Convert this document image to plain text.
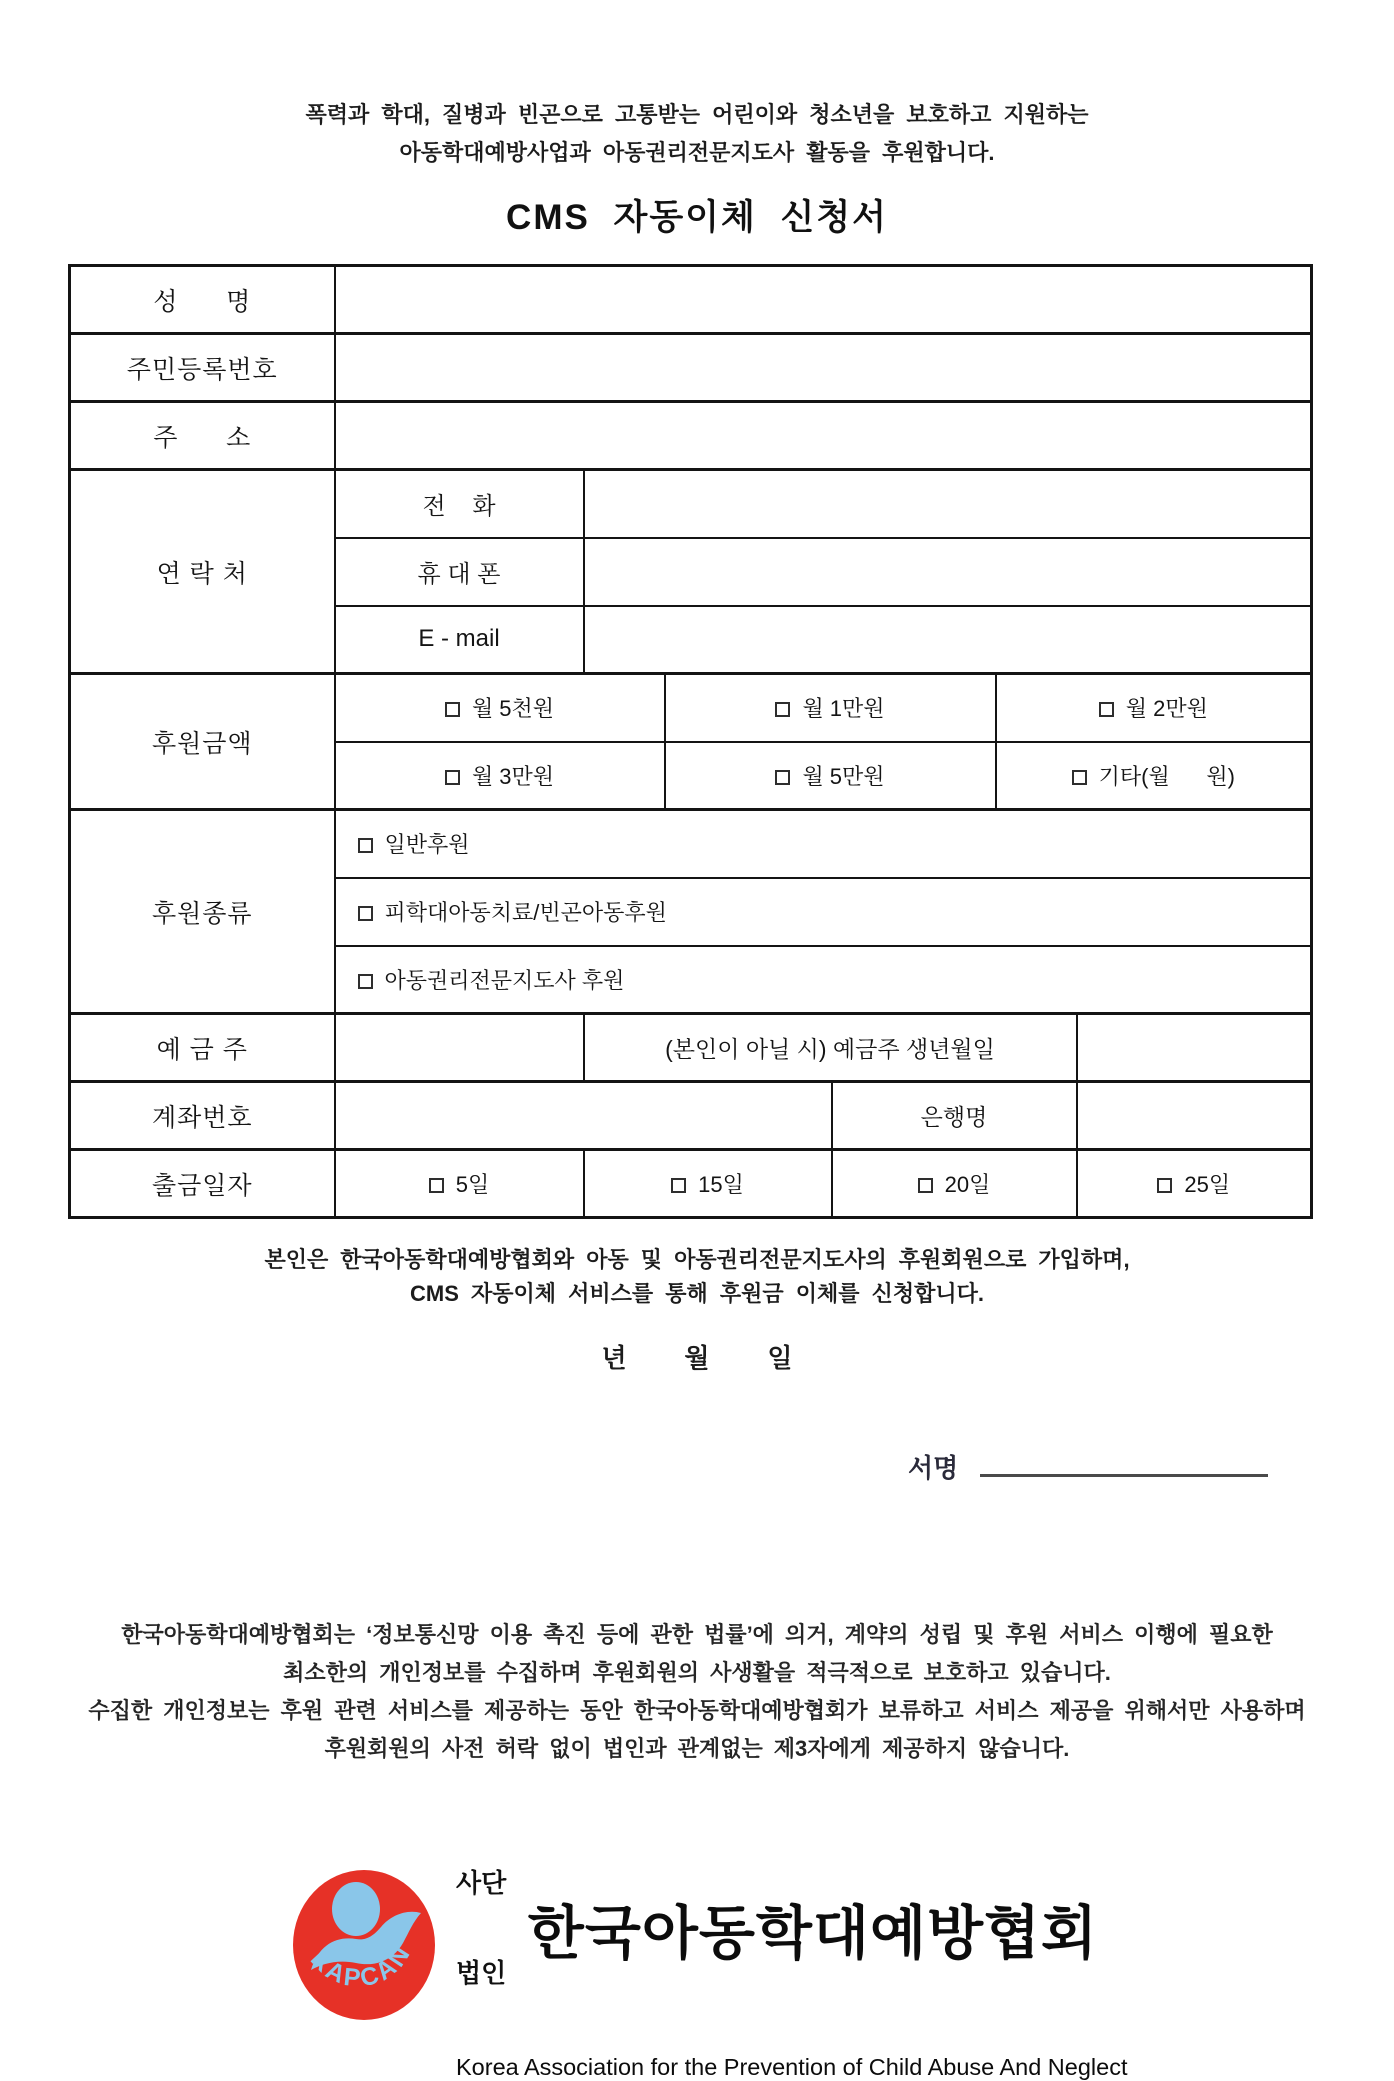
폭력과 학대, 질병과 빈곤으로 고통받는 어린이와 청소년을 보호하고 지원하는
아동학대예방사업과 아동권리전문지도사 활동을 후원합니다.
CMS 자동이체 신청서
성      명						
주민등록번호						
주      소						
연 락 처	전    화					
	휴 대 폰					
	E - mail					
후원금액	월 5천원		월 1만원		월 2만원	
	월 3만원		월 5만원		기타(월      원)	
후원종류	일반후원					
	피학대아동치료/빈곤아동후원					
	아동권리전문지도사 후원					
예 금 주		(본인이 아닐 시) 예금주 생년월일				
계좌번호				은행명		
출금일자	5일	15일		20일		25일
본인은 한국아동학대예방협회와 아동 및 아동권리전문지도사의 후원회원으로 가입하며,
CMS 자동이체 서비스를 통해 후원금 이체를 신청합니다.
년        월        일
서명
한국아동학대예방협회는 ‘정보통신망 이용 촉진 등에 관한 법률’에 의거, 계약의 성립 및 후원 서비스 이행에 필요한
최소한의 개인정보를 수집하며 후원회원의 사생활을 적극적으로 보호하고 있습니다.
수집한 개인정보는 후원 관련 서비스를 제공하는 동안 한국아동학대예방협회가 보류하고 서비스 제공을 위해서만 사용하며
후원회원의 사전 허락 없이 법인과 관계없는 제3자에게 제공하지 않습니다.
KAPCAN

사단

법인

한국아동학대예방협회
Korea Association for the Prevention of Child Abuse And Neglect
